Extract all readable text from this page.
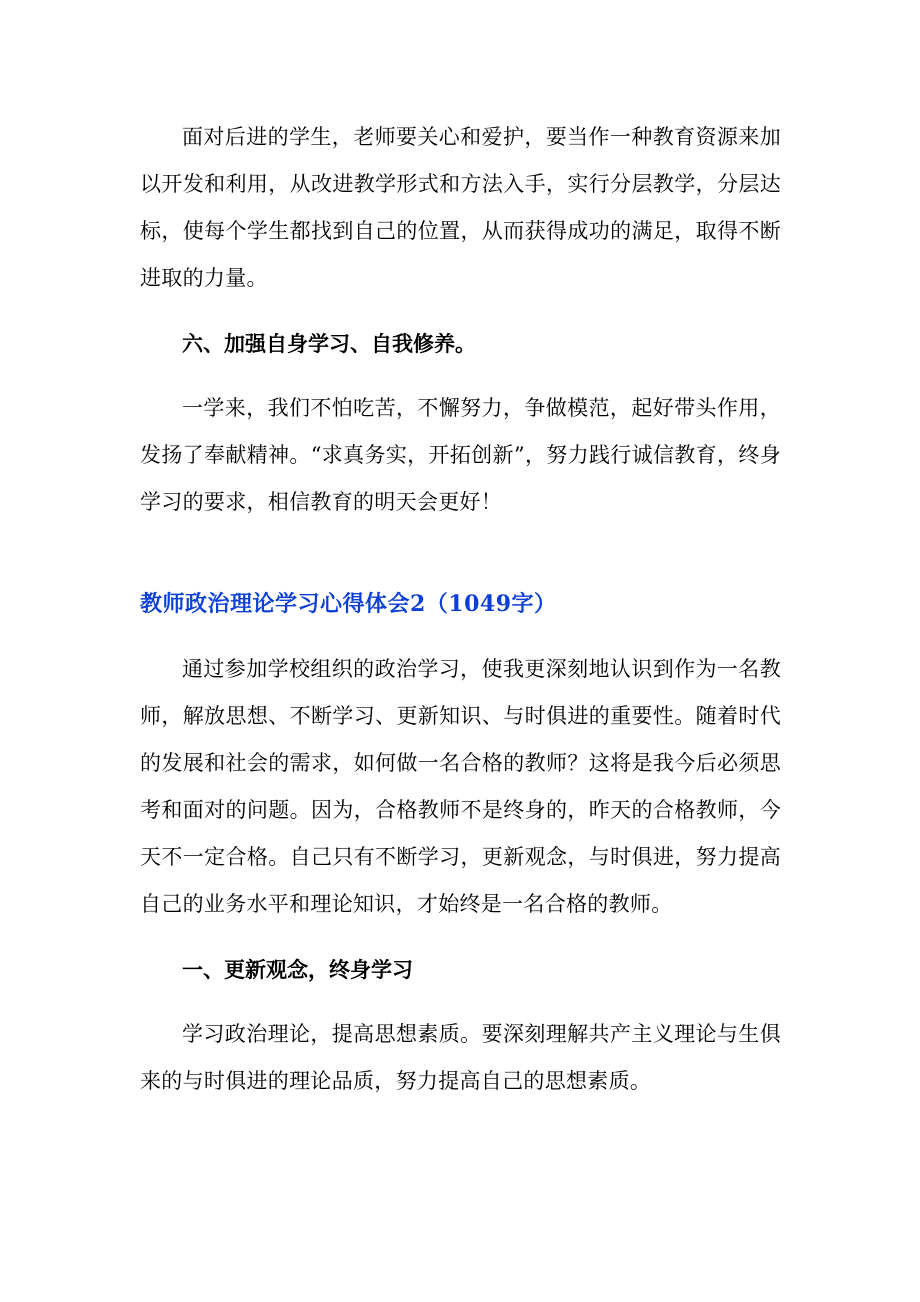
面对后进的学生，老师要关心和爱护，要当作一种教育资源来加以开发和利用，从改进教学形式和方法入手，实行分层教学，分层达标，使每个学生都找到自己的位置，从而获得成功的满足，取得不断进取的力量。

六、加强自身学习、自我修养。

一学来，我们不怕吃苦，不懈努力，争做模范，起好带头作用，发扬了奉献精神。“求真务实，开拓创新”，努力践行诚信教育，终身学习的要求，相信教育的明天会更好！

教师政治理论学习心得体会2（1049字）

通过参加学校组织的政治学习，使我更深刻地认识到作为一名教师，解放思想、不断学习、更新知识、与时俱进的重要性。随着时代的发展和社会的需求，如何做一名合格的教师？这将是我今后必须思考和面对的问题。因为，合格教师不是终身的，昨天的合格教师，今天不一定合格。自己只有不断学习，更新观念，与时俱进，努力提高自己的业务水平和理论知识，才始终是一名合格的教师。

一、更新观念，终身学习

学习政治理论，提高思想素质。要深刻理解共产主义理论与生俱来的与时俱进的理论品质，努力提高自己的思想素质。
